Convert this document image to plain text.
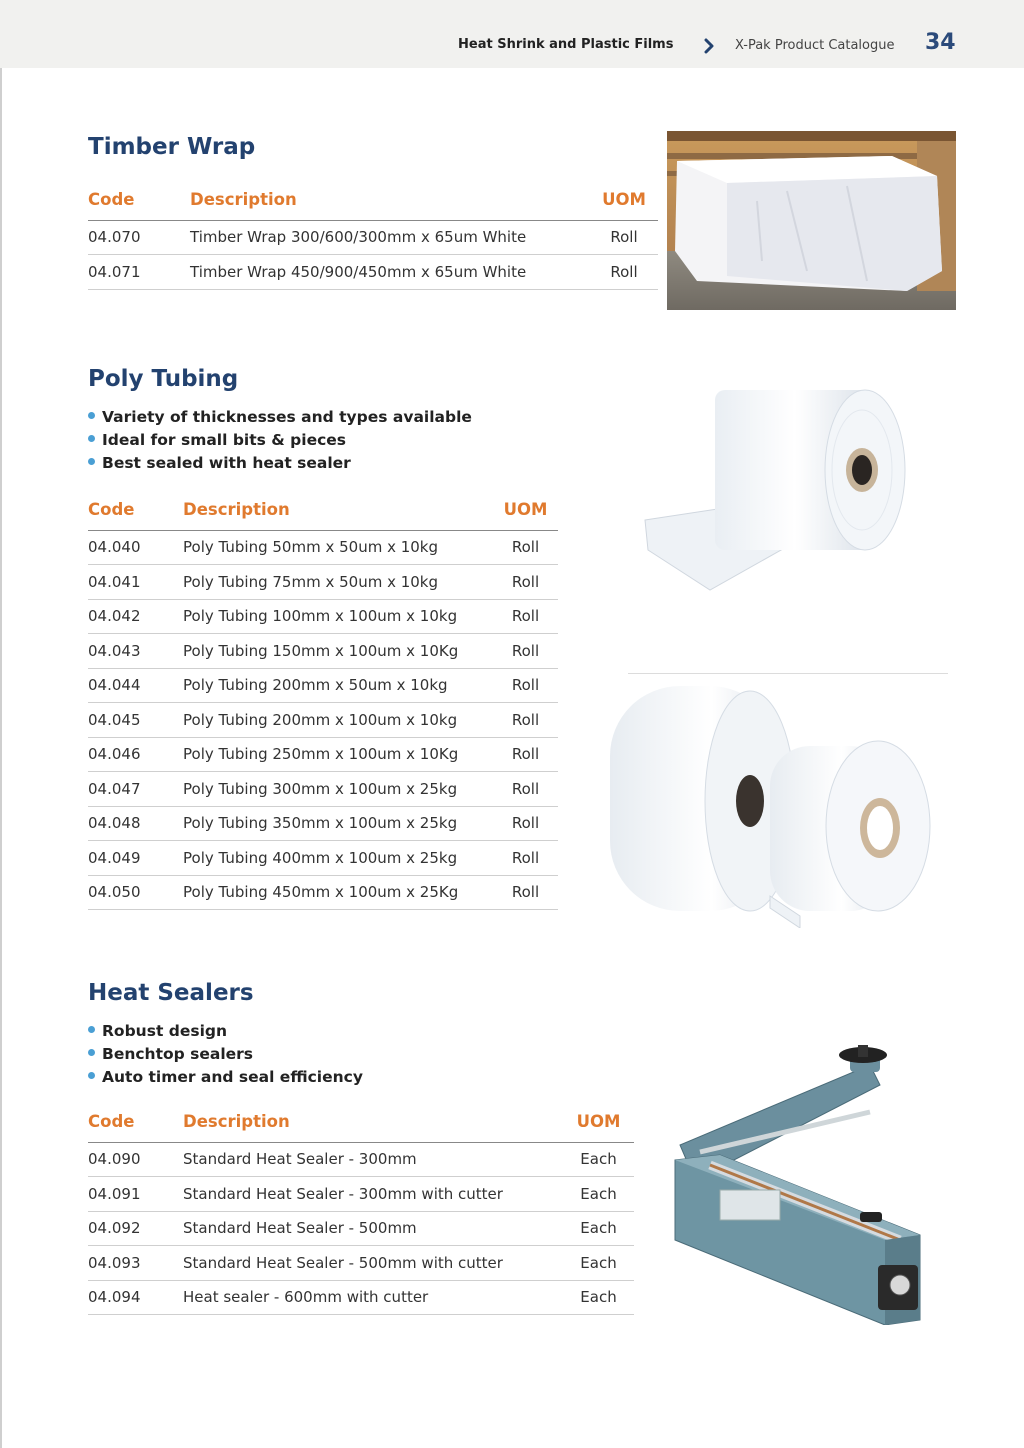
Heat Shrink and Plastic Films	X-Pak Product Catalogue 34
Timber Wrap
Code	Description	UOM
04.070	Timber Wrap 300/600/300mm x 65um White	Roll
04.071	Timber Wrap 450/900/450mm x 65um White	Roll
Poly Tubing
Variety of thicknesses and types available
Ideal for small bits & pieces
Best sealed with heat sealer
Code	Description	UOM
04.040	Poly Tubing 50mm x 50um x 10kg	Roll
04.041	Poly Tubing 75mm x 50um x 10kg	Roll
04.042	Poly Tubing 100mm x 100um x 10kg	Roll
04.043	Poly Tubing 150mm x 100um x 10Kg	Roll
04.044	Poly Tubing 200mm x 50um x 10kg	Roll
04.045	Poly Tubing 200mm x 100um x 10kg	Roll
04.046	Poly Tubing 250mm x 100um x 10Kg	Roll
04.047	Poly Tubing 300mm x 100um x 25kg	Roll
04.048	Poly Tubing 350mm x 100um x 25kg	Roll
04.049	Poly Tubing 400mm x 100um x 25kg	Roll
04.050	Poly Tubing 450mm x 100um x 25Kg	Roll
Heat Sealers
Robust design
Benchtop sealers
Auto timer and seal efficiency
Code	Description	UOM
04.090	Standard Heat Sealer - 300mm	Each
04.091	Standard Heat Sealer - 300mm with cutter	Each
04.092	Standard Heat Sealer - 500mm	Each
04.093	Standard Heat Sealer - 500mm with cutter	Each
04.094	Heat sealer - 600mm with cutter	Each
